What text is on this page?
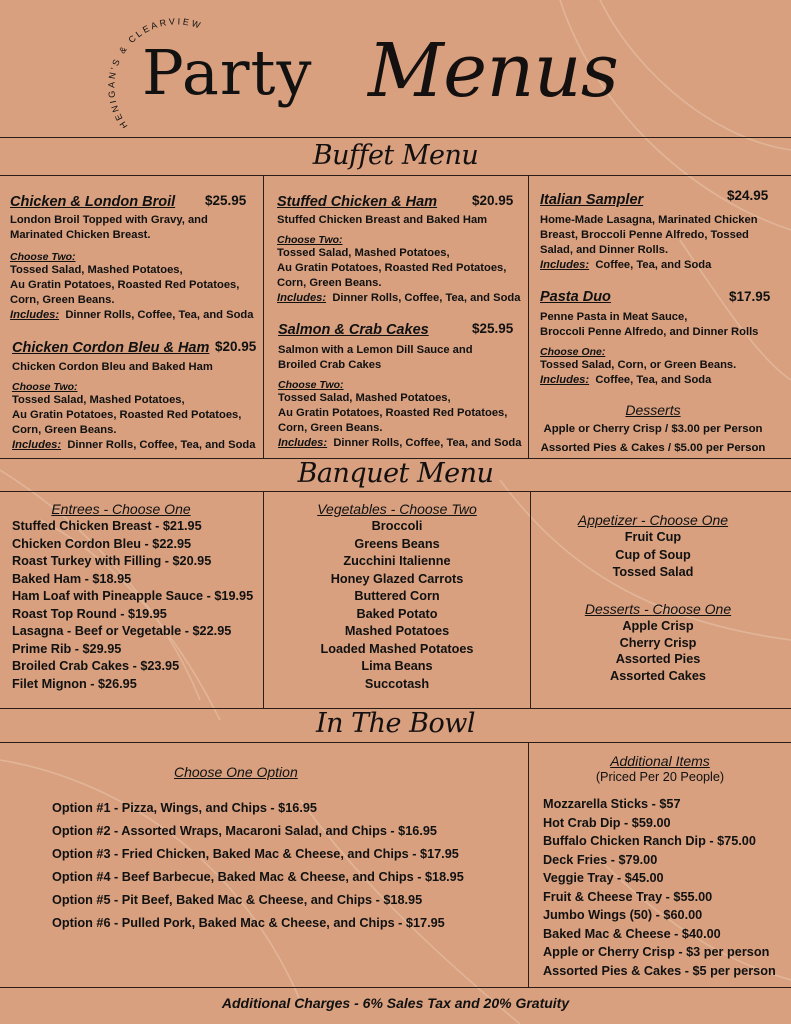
HENIGAN'S & CLEARVIEW
Party Menus
Buffet Menu
Chicken & London Broil $25.95
London Broil Topped with Gravy, and
Marinated Chicken Breast.
Choose Two:
Tossed Salad, Mashed Potatoes,
Au Gratin Potatoes, Roasted Red Potatoes,
Corn, Green Beans.
Includes: Dinner Rolls, Coffee, Tea, and Soda
Chicken Cordon Bleu & Ham $20.95
Chicken Cordon Bleu and Baked Ham
Choose Two:
Tossed Salad, Mashed Potatoes,
Au Gratin Potatoes, Roasted Red Potatoes,
Corn, Green Beans.
Includes: Dinner Rolls, Coffee, Tea, and Soda
Stuffed Chicken & Ham	$20.95
Stuffed Chicken Breast and Baked Ham
Choose Two:
Tossed Salad, Mashed Potatoes,
Au Gratin Potatoes, Roasted Red Potatoes,
Corn, Green Beans.
Includes: Dinner Rolls, Coffee, Tea, and Soda
Salmon & Crab Cakes	$25.95
Salmon with a Lemon Dill Sauce and
Broiled Crab Cakes
Choose Two:
Tossed Salad, Mashed Potatoes,
Au Gratin Potatoes, Roasted Red Potatoes,
Corn, Green Beans.
Includes: Dinner Rolls, Coffee, Tea, and Soda
Italian Sampler	$24.95
Home-Made Lasagna, Marinated Chicken
Breast, Broccoli Penne Alfredo, Tossed
Salad, and Dinner Rolls.
Includes: Coffee, Tea, and Soda
Pasta Duo	$17.95
Penne Pasta in Meat Sauce,
Broccoli Penne Alfredo, and Dinner Rolls
Choose One:
Tossed Salad, Corn, or Green Beans.
Includes: Coffee, Tea, and Soda
Desserts
Apple or Cherry Crisp / $3.00 per Person
Assorted Pies & Cakes / $5.00 per Person
Banquet Menu
Entrees - Choose One
Stuffed Chicken Breast - $21.95
Chicken Cordon Bleu - $22.95
Roast Turkey with Filling - $20.95
Baked Ham - $18.95
Ham Loaf with Pineapple Sauce - $19.95
Roast Top Round - $19.95
Lasagna - Beef or Vegetable - $22.95
Prime Rib - $29.95
Broiled Crab Cakes - $23.95
Filet Mignon - $26.95
Vegetables - Choose Two
Broccoli
Greens Beans
Zucchini Italienne
Honey Glazed Carrots
Buttered Corn
Baked Potato
Mashed Potatoes
Loaded Mashed Potatoes
Lima Beans
Succotash
Appetizer - Choose One
Fruit Cup
Cup of Soup
Tossed Salad
Desserts - Choose One
Apple Crisp
Cherry Crisp
Assorted Pies
Assorted Cakes
In The Bowl
Choose One Option
Option #1 - Pizza, Wings, and Chips - $16.95
Option #2 - Assorted Wraps, Macaroni Salad, and Chips - $16.95
Option #3 - Fried Chicken, Baked Mac & Cheese, and Chips - $17.95
Option #4 - Beef Barbecue, Baked Mac & Cheese, and Chips - $18.95
Option #5 - Pit Beef, Baked Mac & Cheese, and Chips - $18.95
Option #6 - Pulled Pork, Baked Mac & Cheese, and Chips - $17.95
Additional Items
(Priced Per 20 People)
Mozzarella Sticks - $57
Hot Crab Dip - $59.00
Buffalo Chicken Ranch Dip - $75.00
Deck Fries - $79.00
Veggie Tray - $45.00
Fruit & Cheese Tray - $55.00
Jumbo Wings (50) - $60.00
Baked Mac & Cheese - $40.00
Apple or Cherry Crisp - $3 per person
Assorted Pies & Cakes - $5 per person
Additional Charges - 6% Sales Tax and 20% Gratuity
